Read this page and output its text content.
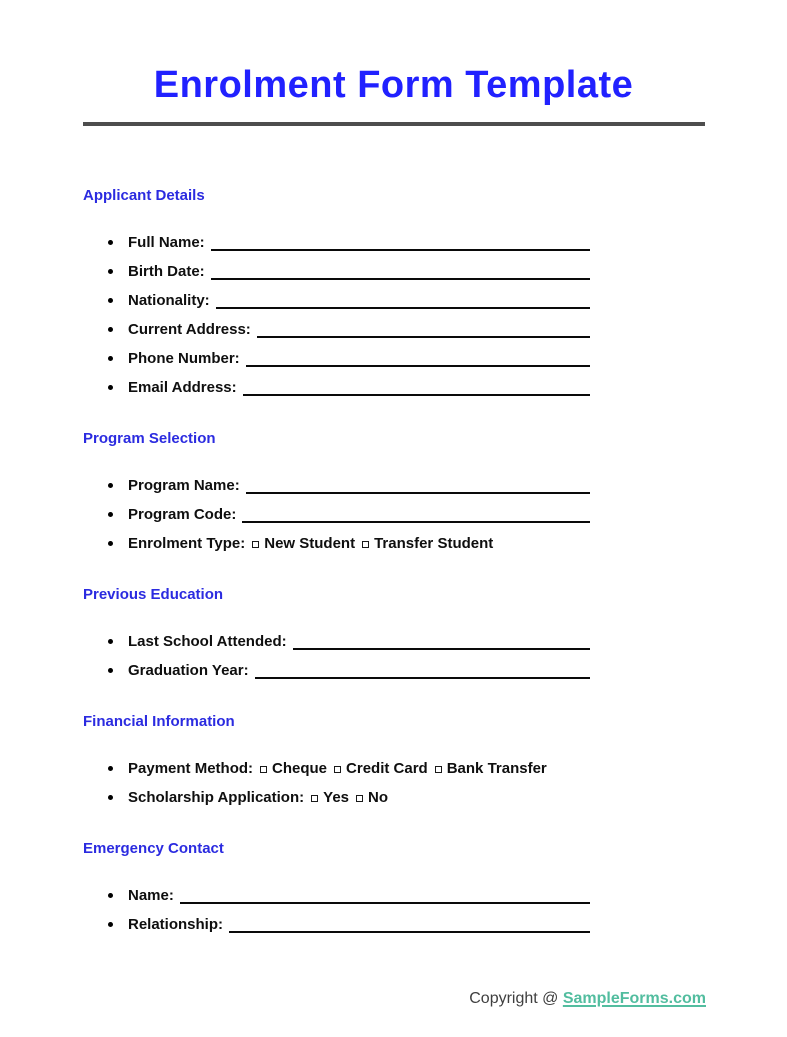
Enrolment Form Template
Applicant Details
Full Name:
Birth Date:
Nationality:
Current Address:
Phone Number:
Email Address:
Program Selection
Program Name:
Program Code:
Enrolment Type: New Student Transfer Student
Previous Education
Last School Attended:
Graduation Year:
Financial Information
Payment Method: Cheque Credit Card Bank Transfer
Scholarship Application: Yes No
Emergency Contact
Name:
Relationship:
Copyright @ SampleForms.com
